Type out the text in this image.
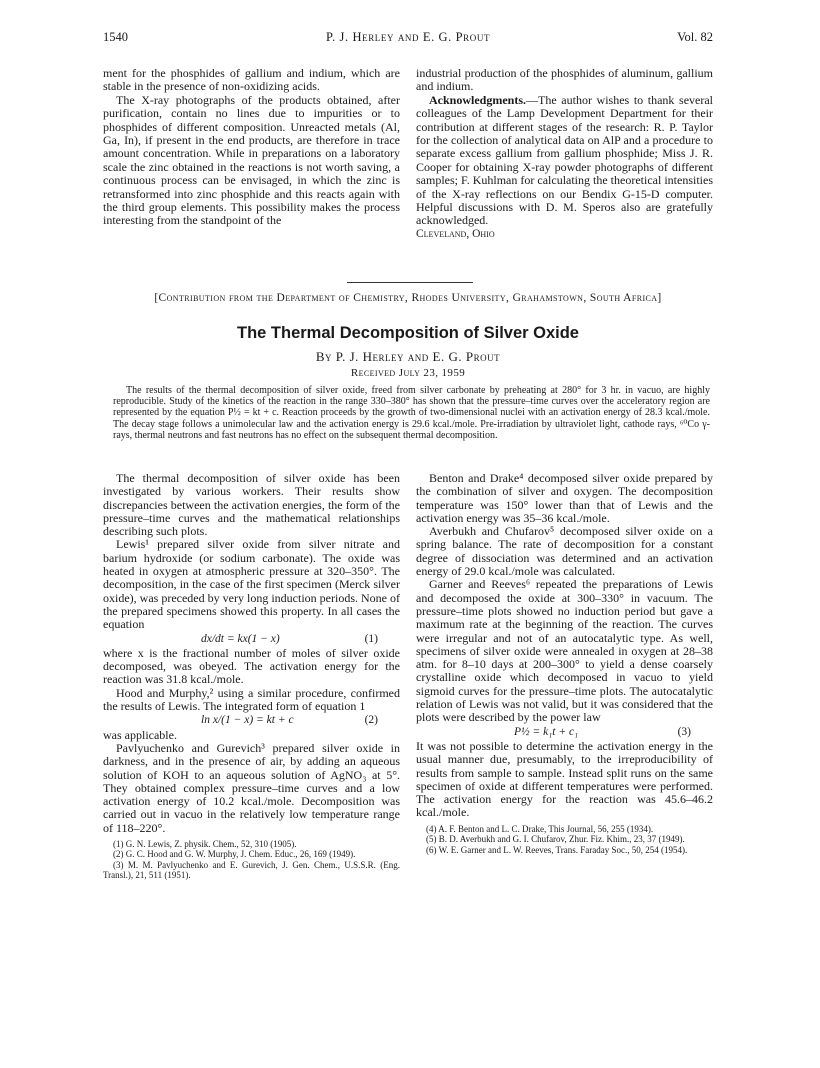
1540	P. J. Herley and E. G. Prout	Vol. 82

ment for the phosphides of gallium and indium, which are stable in the presence of non-oxidizing acids.

The X-ray photographs of the products obtained, after purification, contain no lines due to impurities or to phosphides of different composition. Unreacted metals (Al, Ga, In), if present in the end products, are therefore in trace amount concentration. While in preparations on a laboratory scale the zinc obtained in the reactions is not worth saving, a continuous process can be envisaged, in which the zinc is retransformed into zinc phosphide and this reacts again with the third group elements. This possibility makes the process interesting from the standpoint of the

industrial production of the phosphides of aluminum, gallium and indium.

Acknowledgments.—The author wishes to thank several colleagues of the Lamp Development Department for their contribution at different stages of the research: R. P. Taylor for the collection of analytical data on AlP and a procedure to separate excess gallium from gallium phosphide; Miss J. R. Cooper for obtaining X-ray powder photographs of different samples; F. Kuhlman for calculating the theoretical intensities of the X-ray reflections on our Bendix G-15-D computer. Helpful discussions with D. M. Speros also are gratefully acknowledged.

Cleveland, Ohio

[Contribution from the Department of Chemistry, Rhodes University, Grahamstown, South Africa]
The Thermal Decomposition of Silver Oxide
By P. J. Herley and E. G. Prout
Received July 23, 1959

The results of the thermal decomposition of silver oxide, freed from silver carbonate by preheating at 280° for 3 hr. in vacuo, are highly reproducible. Study of the kinetics of the reaction in the range 330–380° has shown that the pressure–time curves over the acceleratory region are represented by the equation P½ = kt + c. Reaction proceeds by the growth of two-dimensional nuclei with an activation energy of 28.3 kcal./mole. The decay stage follows a unimolecular law and the activation energy is 29.6 kcal./mole. Pre-irradiation by ultraviolet light, cathode rays, ⁶⁰Co γ-rays, thermal neutrons and fast neutrons has no effect on the subsequent thermal decomposition.

The thermal decomposition of silver oxide has been investigated by various workers. Their results show discrepancies between the activation energies, the form of the pressure–time curves and the mathematical relationships describing such plots.

Lewis¹ prepared silver oxide from silver nitrate and barium hydroxide (or sodium carbonate). The oxide was heated in oxygen at atmospheric pressure at 320–350°. The decomposition, in the case of the first specimen (Merck silver oxide), was preceded by very long induction periods. None of the prepared specimens showed this property. In all cases the equation

dx/dt = kx(1 − x)	(1)

where x is the fractional number of moles of silver oxide decomposed, was obeyed. The activation energy for the reaction was 31.8 kcal./mole.

Hood and Murphy,² using a similar procedure, confirmed the results of Lewis. The integrated form of equation 1

ln x/(1 − x) = kt + c	(2)

was applicable.

Pavlyuchenko and Gurevich³ prepared silver oxide in darkness, and in the presence of air, by adding an aqueous solution of KOH to an aqueous solution of AgNO₃ at 5°. They obtained complex pressure–time curves and a low activation energy of 10.2 kcal./mole. Decomposition was carried out in vacuo in the relatively low temperature range of 118–220°.

(1) G. N. Lewis, Z. physik. Chem., 52, 310 (1905).

(2) G. C. Hood and G. W. Murphy, J. Chem. Educ., 26, 169 (1949).

(3) M. M. Pavlyuchenko and E. Gurevich, J. Gen. Chem., U.S.S.R. (Eng. Transl.), 21, 511 (1951).

Benton and Drake⁴ decomposed silver oxide prepared by the combination of silver and oxygen. The decomposition temperature was 150° lower than that of Lewis and the activation energy was 35–36 kcal./mole.

Averbukh and Chufarov⁵ decomposed silver oxide on a spring balance. The rate of decomposition for a constant degree of dissociation was determined and an activation energy of 29.0 kcal./mole was calculated.

Garner and Reeves⁶ repeated the preparations of Lewis and decomposed the oxide at 300–330° in vacuum. The pressure–time plots showed no induction period but gave a maximum rate at the beginning of the reaction. The curves were irregular and not of an autocatalytic type. As well, specimens of silver oxide were annealed in oxygen at 28–38 atm. for 8–10 days at 200–300° to yield a dense coarsely crystalline oxide which decomposed in vacuo to yield sigmoid curves for the pressure–time plots. The autocatalytic relation of Lewis was not valid, but it was considered that the plots were described by the power law

P½ = k₁t + c₁	(3)

It was not possible to determine the activation energy in the usual manner due, presumably, to the irreproducibility of results from sample to sample. Instead split runs on the same specimen of oxide at different temperatures were performed. The activation energy for the reaction was 45.6–46.2 kcal./mole.

(4) A. F. Benton and L. C. Drake, This Journal, 56, 255 (1934).

(5) B. D. Averbukh and G. I. Chufarov, Zhur. Fiz. Khim., 23, 37 (1949).

(6) W. E. Garner and L. W. Reeves, Trans. Faraday Soc., 50, 254 (1954).
